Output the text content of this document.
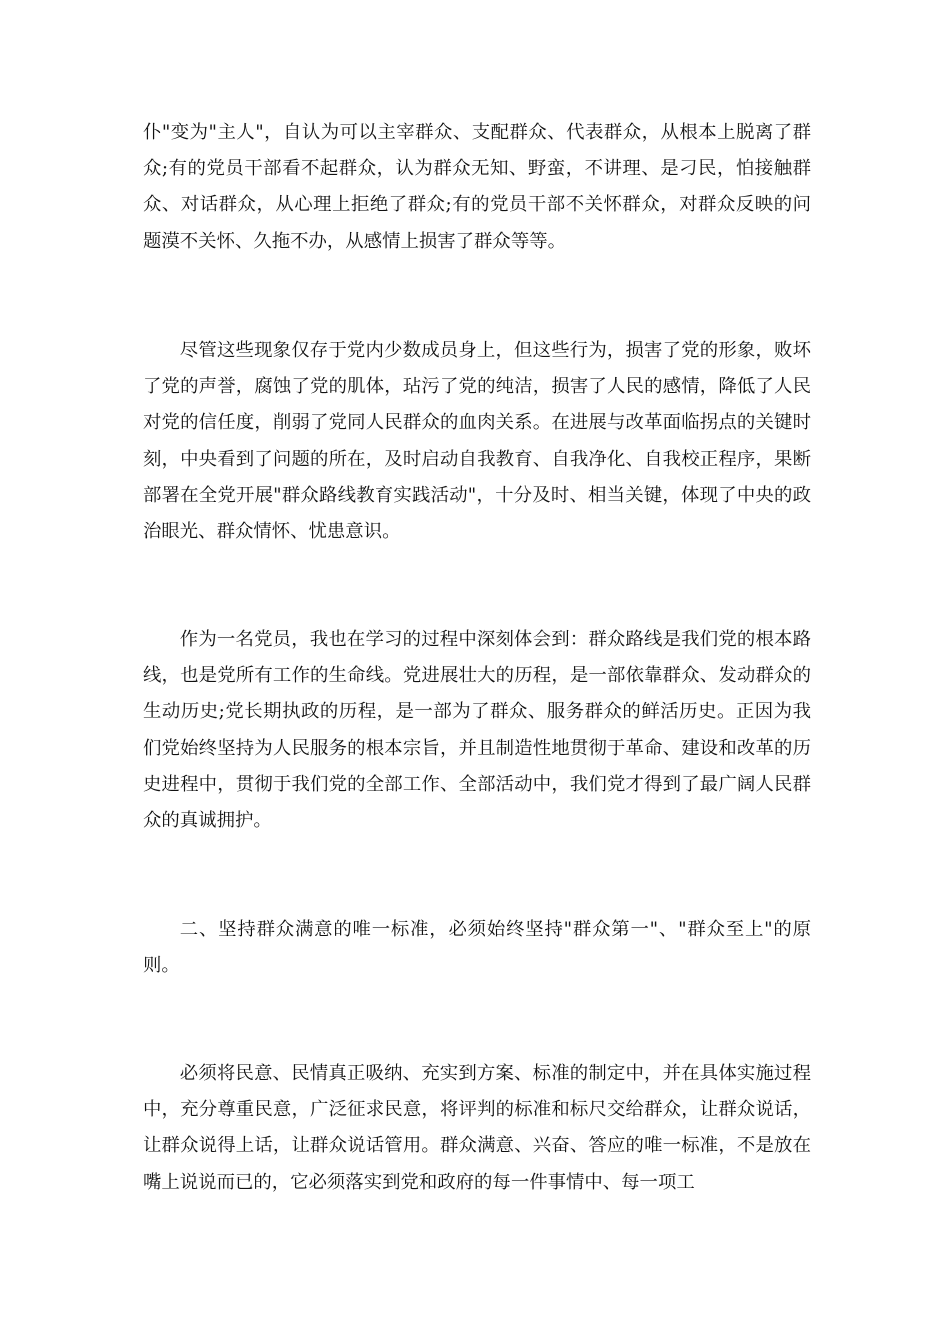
仆"变为"主人"，自认为可以主宰群众、支配群众、代表群众，从根本上脱离了群众;有的党员干部看不起群众，认为群众无知、野蛮，不讲理、是刁民，怕接触群众、对话群众，从心理上拒绝了群众;有的党员干部不关怀群众，对群众反映的问题漠不关怀、久拖不办，从感情上损害了群众等等。

尽管这些现象仅存于党内少数成员身上，但这些行为，损害了党的形象，败坏了党的声誉，腐蚀了党的肌体，玷污了党的纯洁，损害了人民的感情，降低了人民对党的信任度，削弱了党同人民群众的血肉关系。在进展与改革面临拐点的关键时刻，中央看到了问题的所在，及时启动自我教育、自我净化、自我校正程序，果断部署在全党开展"群众路线教育实践活动"，十分及时、相当关键，体现了中央的政治眼光、群众情怀、忧患意识。

作为一名党员，我也在学习的过程中深刻体会到：群众路线是我们党的根本路线，也是党所有工作的生命线。党进展壮大的历程，是一部依靠群众、发动群众的生动历史;党长期执政的历程，是一部为了群众、服务群众的鲜活历史。正因为我们党始终坚持为人民服务的根本宗旨，并且制造性地贯彻于革命、建设和改革的历史进程中，贯彻于我们党的全部工作、全部活动中，我们党才得到了最广阔人民群众的真诚拥护。

二、坚持群众满意的唯一标准，必须始终坚持"群众第一"、"群众至上"的原则。

必须将民意、民情真正吸纳、充实到方案、标准的制定中，并在具体实施过程中，充分尊重民意，广泛征求民意，将评判的标准和标尺交给群众，让群众说话，让群众说得上话，让群众说话管用。群众满意、兴奋、答应的唯一标准，不是放在嘴上说说而已的，它必须落实到党和政府的每一件事情中、每一项工
